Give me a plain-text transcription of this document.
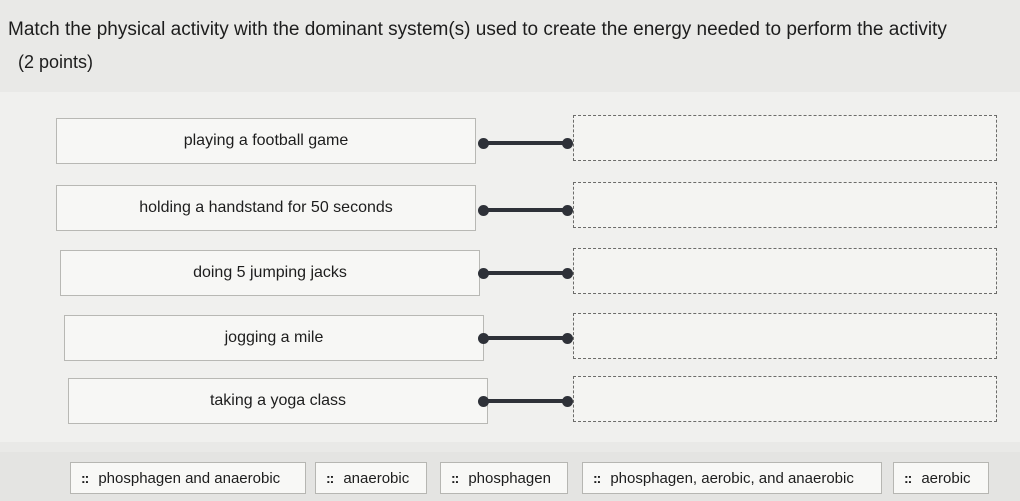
Match the physical activity with the dominant system(s) used to create the energy needed to perform the activity
(2 points)
playing a football game
holding a handstand for 50 seconds
doing 5 jumping jacks
jogging a mile
taking a yoga class
:: phosphagen and anaerobic	:: anaerobic	:: phosphagen	:: phosphagen, aerobic, and anaerobic	:: aerobic
